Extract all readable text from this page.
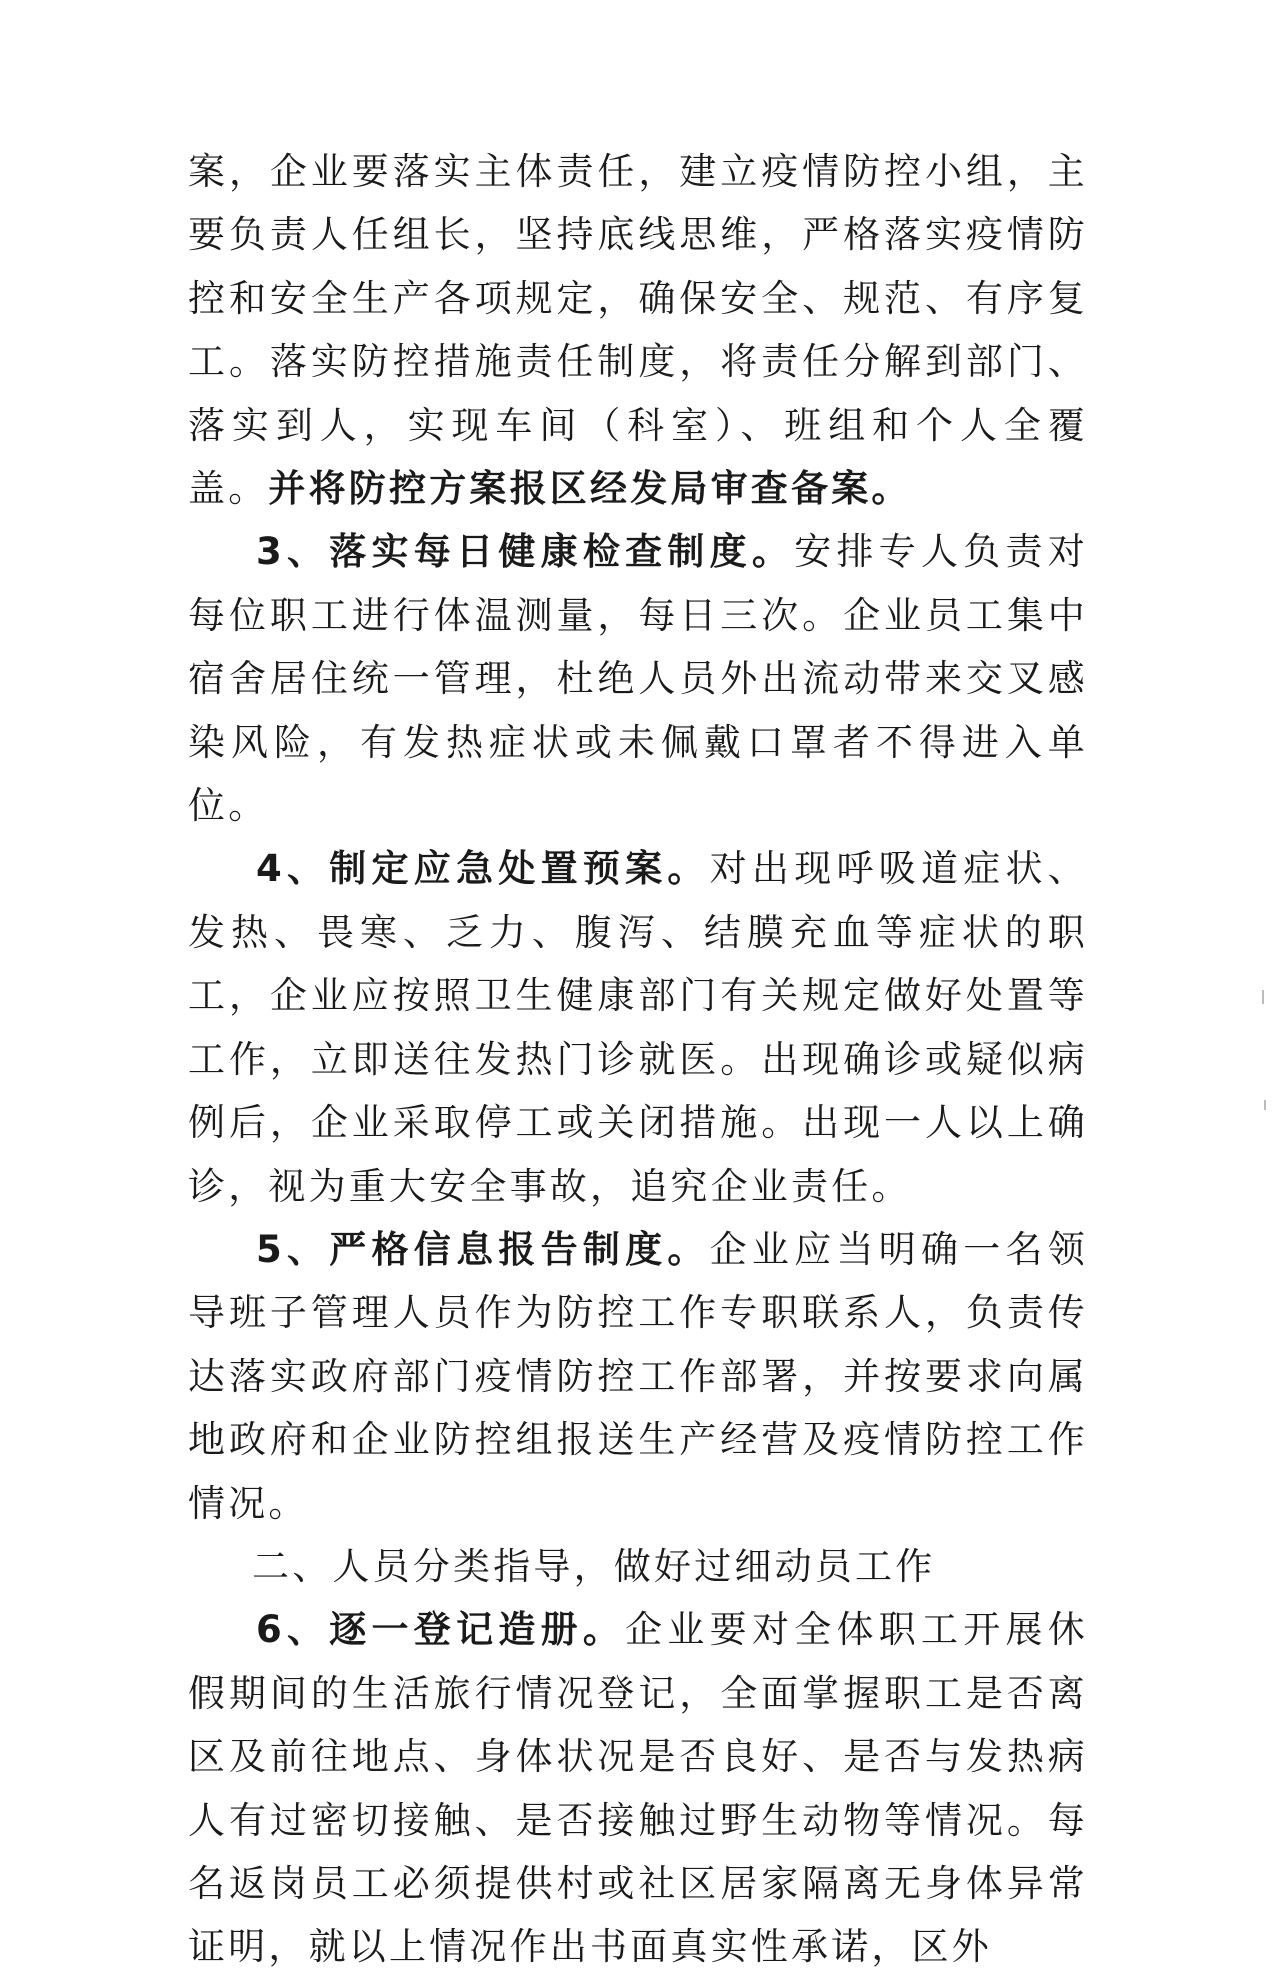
案，企业要落实主体责任，建立疫情防控小组，主要负责人任组长，坚持底线思维，严格落实疫情防控和安全生产各项规定，确保安全、规范、有序复工。落实防控措施责任制度，将责任分解到部门、落实到人，实现车间（科室）、班组和个人全覆盖。并将防控方案报区经发局审查备案。

3、落实每日健康检查制度。安排专人负责对每位职工进行体温测量，每日三次。企业员工集中宿舍居住统一管理，杜绝人员外出流动带来交叉感染风险，有发热症状或未佩戴口罩者不得进入单位。

4、制定应急处置预案。对出现呼吸道症状、发热、畏寒、乏力、腹泻、结膜充血等症状的职工，企业应按照卫生健康部门有关规定做好处置等工作，立即送往发热门诊就医。出现确诊或疑似病例后，企业采取停工或关闭措施。出现一人以上确诊，视为重大安全事故，追究企业责任。

5、严格信息报告制度。企业应当明确一名领导班子管理人员作为防控工作专职联系人，负责传达落实政府部门疫情防控工作部署，并按要求向属地政府和企业防控组报送生产经营及疫情防控工作情况。

二、人员分类指导，做好过细动员工作

6、逐一登记造册。企业要对全体职工开展休假期间的生活旅行情况登记，全面掌握职工是否离区及前往地点、身体状况是否良好、是否与发热病人有过密切接触、是否接触过野生动物等情况。每名返岗员工必须提供村或社区居家隔离无身体异常证明，就以上情况作出书面真实性承诺，区外
